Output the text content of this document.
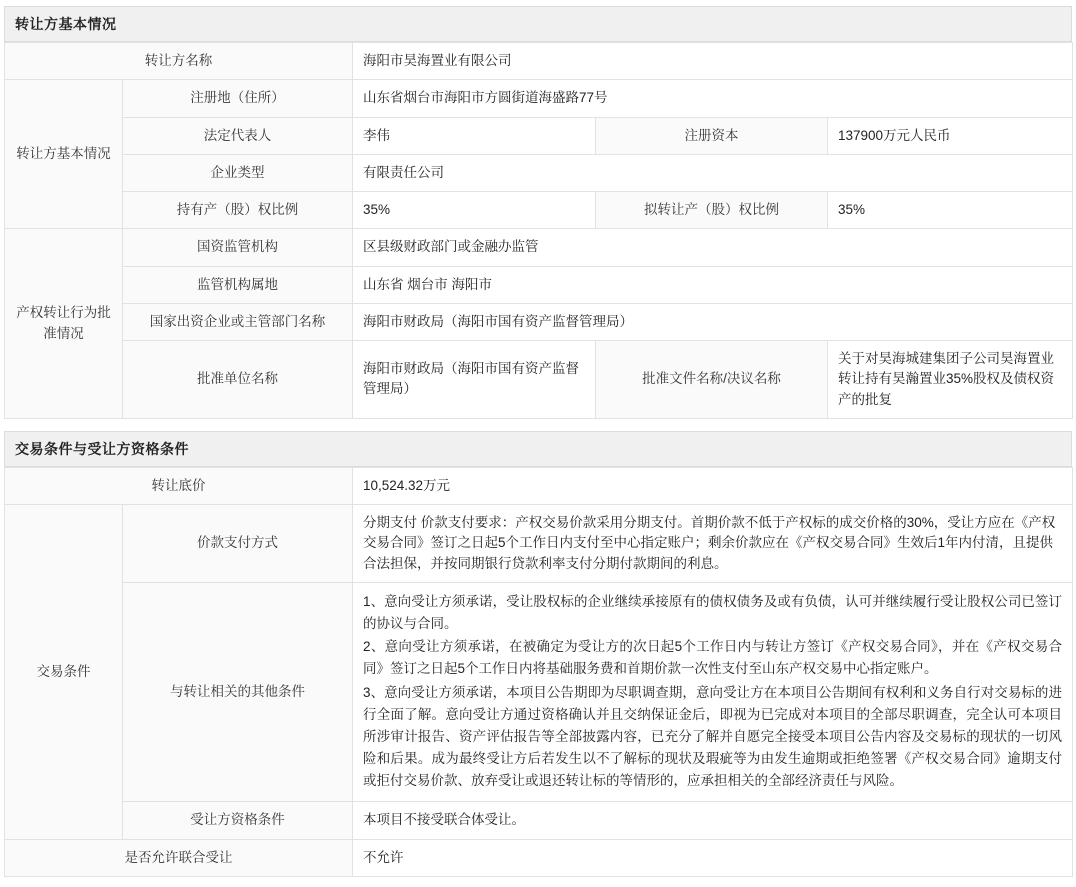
转让方基本情况
转让方名称		海阳市昊海置业有限公司		
转让方基本情况	注册地（住所）	山东省烟台市海阳市方圆街道海盛路77号		
	法定代表人	李伟	注册资本	137900万元人民币
	企业类型	有限责任公司		
	持有产（股）权比例	35%	拟转让产（股）权比例	35%
产权转让行为批准情况	国资监管机构	区县级财政部门或金融办监管		
	监管机构属地	山东省 烟台市 海阳市		
	国家出资企业或主管部门名称	海阳市财政局（海阳市国有资产监督管理局）		
	批准单位名称	海阳市财政局（海阳市国有资产监督管理局）	批准文件名称/决议名称	关于对昊海城建集团子公司昊海置业转让持有昊瀚置业35%股权及债权资产的批复
交易条件与受让方资格条件
转让底价		10,524.32万元
交易条件	价款支付方式	分期支付 价款支付要求：产权交易价款采用分期支付。首期价款不低于产权标的成交价格的30%，受让方应在《产权交易合同》签订之日起5个工作日内支付至中心指定账户；剩余价款应在《产权交易合同》生效后1年内付清，且提供合法担保，并按同期银行贷款利率支付分期付款期间的利息。
	与转让相关的其他条件	1、意向受让方须承诺，受让股权标的企业继续承接原有的债权债务及或有负债，认可并继续履行受让股权公司已签订的协议与合同。

2、意向受让方须承诺，在被确定为受让方的次日起5个工作日内与转让方签订《产权交易合同》，并在《产权交易合同》签订之日起5个工作日内将基础服务费和首期价款一次性支付至山东产权交易中心指定账户。

3、意向受让方须承诺，本项目公告期即为尽职调查期，意向受让方在本项目公告期间有权利和义务自行对交易标的进行全面了解。意向受让方通过资格确认并且交纳保证金后，即视为已完成对本项目的全部尽职调查，完全认可本项目所涉审计报告、资产评估报告等全部披露内容，已充分了解并自愿完全接受本项目公告内容及交易标的现状的一切风险和后果。成为最终受让方后若发生以不了解标的现状及瑕疵等为由发生逾期或拒绝签署《产权交易合同》逾期支付或拒付交易价款、放弃受让或退还转让标的等情形的，应承担相关的全部经济责任与风险。

	受让方资格条件	本项目不接受联合体受让。
是否允许联合受让		不允许
